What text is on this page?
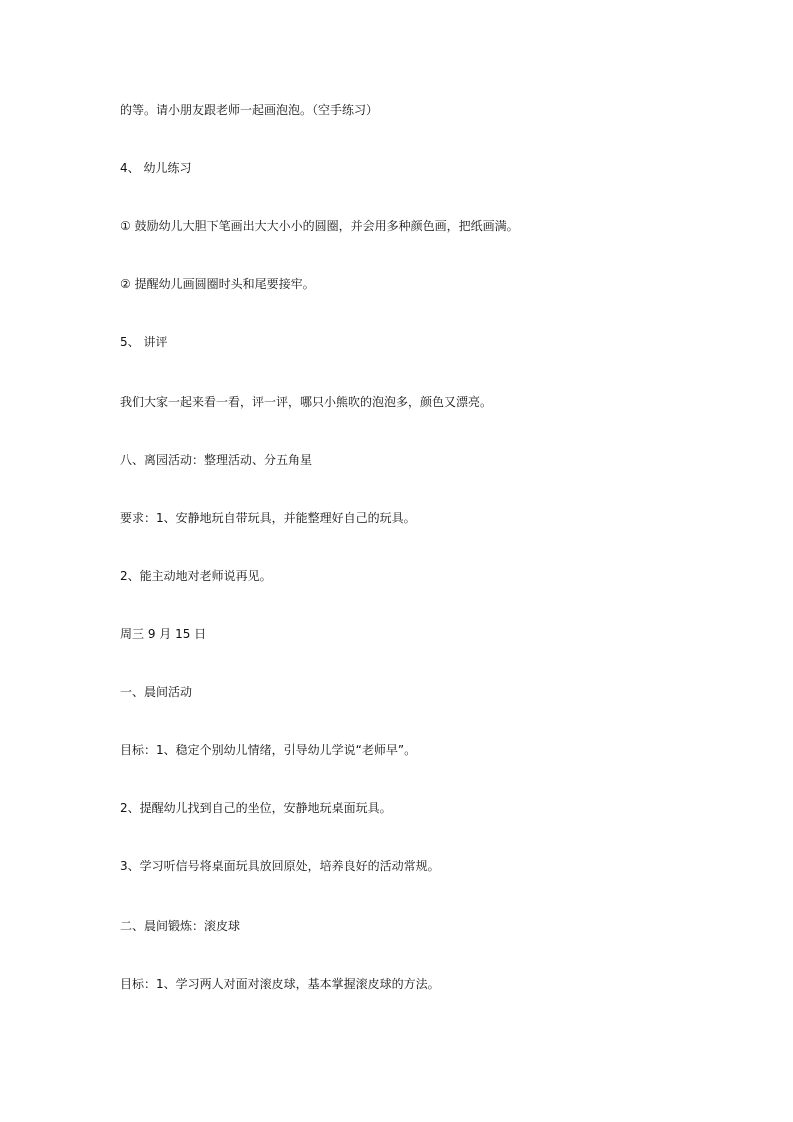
的等。请小朋友跟老师一起画泡泡。（空手练习）

4、 幼儿练习

① 鼓励幼儿大胆下笔画出大大小小的圆圈，并会用多种颜色画，把纸画满。

② 提醒幼儿画圆圈时头和尾要接牢。

5、 讲评

我们大家一起来看一看，评一评，哪只小熊吹的泡泡多，颜色又漂亮。

八、离园活动：整理活动、分五角星

要求：1、安静地玩自带玩具，并能整理好自己的玩具。

2、能主动地对老师说再见。

周三 9 月 15 日

一、晨间活动

目标：1、稳定个别幼儿情绪，引导幼儿学说“老师早”。

2、提醒幼儿找到自己的坐位，安静地玩桌面玩具。

3、学习听信号将桌面玩具放回原处，培养良好的活动常规。

二、晨间锻炼：滚皮球

目标：1、学习两人对面对滚皮球，基本掌握滚皮球的方法。
